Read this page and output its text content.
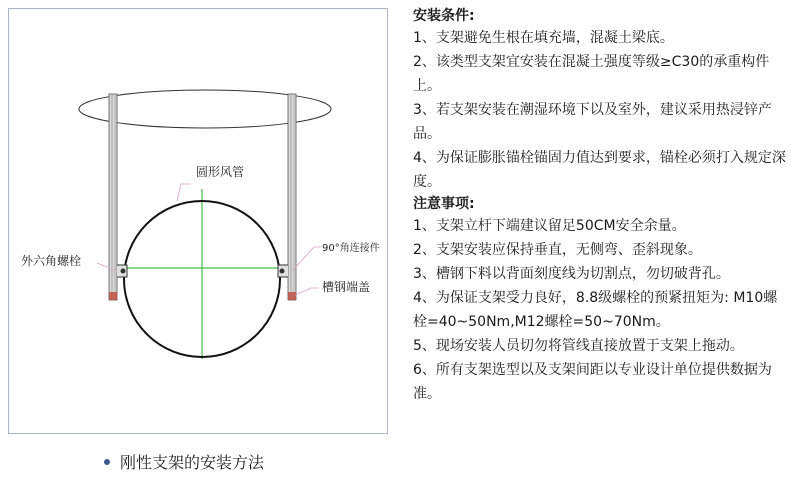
圆形风管
外六角螺栓
90°角连接件
槽钢端盖
刚性支架的安装方法

安装条件:

1、支架避免生根在填充墙，混凝土梁底。

2、该类型支架宜安装在混凝土强度等级≥C30的承重构件上。

3、若支架安装在潮湿环境下以及室外，建议采用热浸锌产品。

4、为保证膨胀锚栓锚固力值达到要求，锚栓必须打入规定深度。

注意事项:

1、支架立杆下端建议留足50CM安全余量。

2、支架安装应保持垂直，无侧弯、歪斜现象。

3、槽钢下料以背面刻度线为切割点，勿切破背孔。

4、为保证支架受力良好，8.8级螺栓的预紧扭矩为: M10螺栓=40~50Nm,M12螺栓=50~70Nm。

5、现场安装人员切勿将管线直接放置于支架上拖动。

6、所有支架选型以及支架间距以专业设计单位提供数据为准。
